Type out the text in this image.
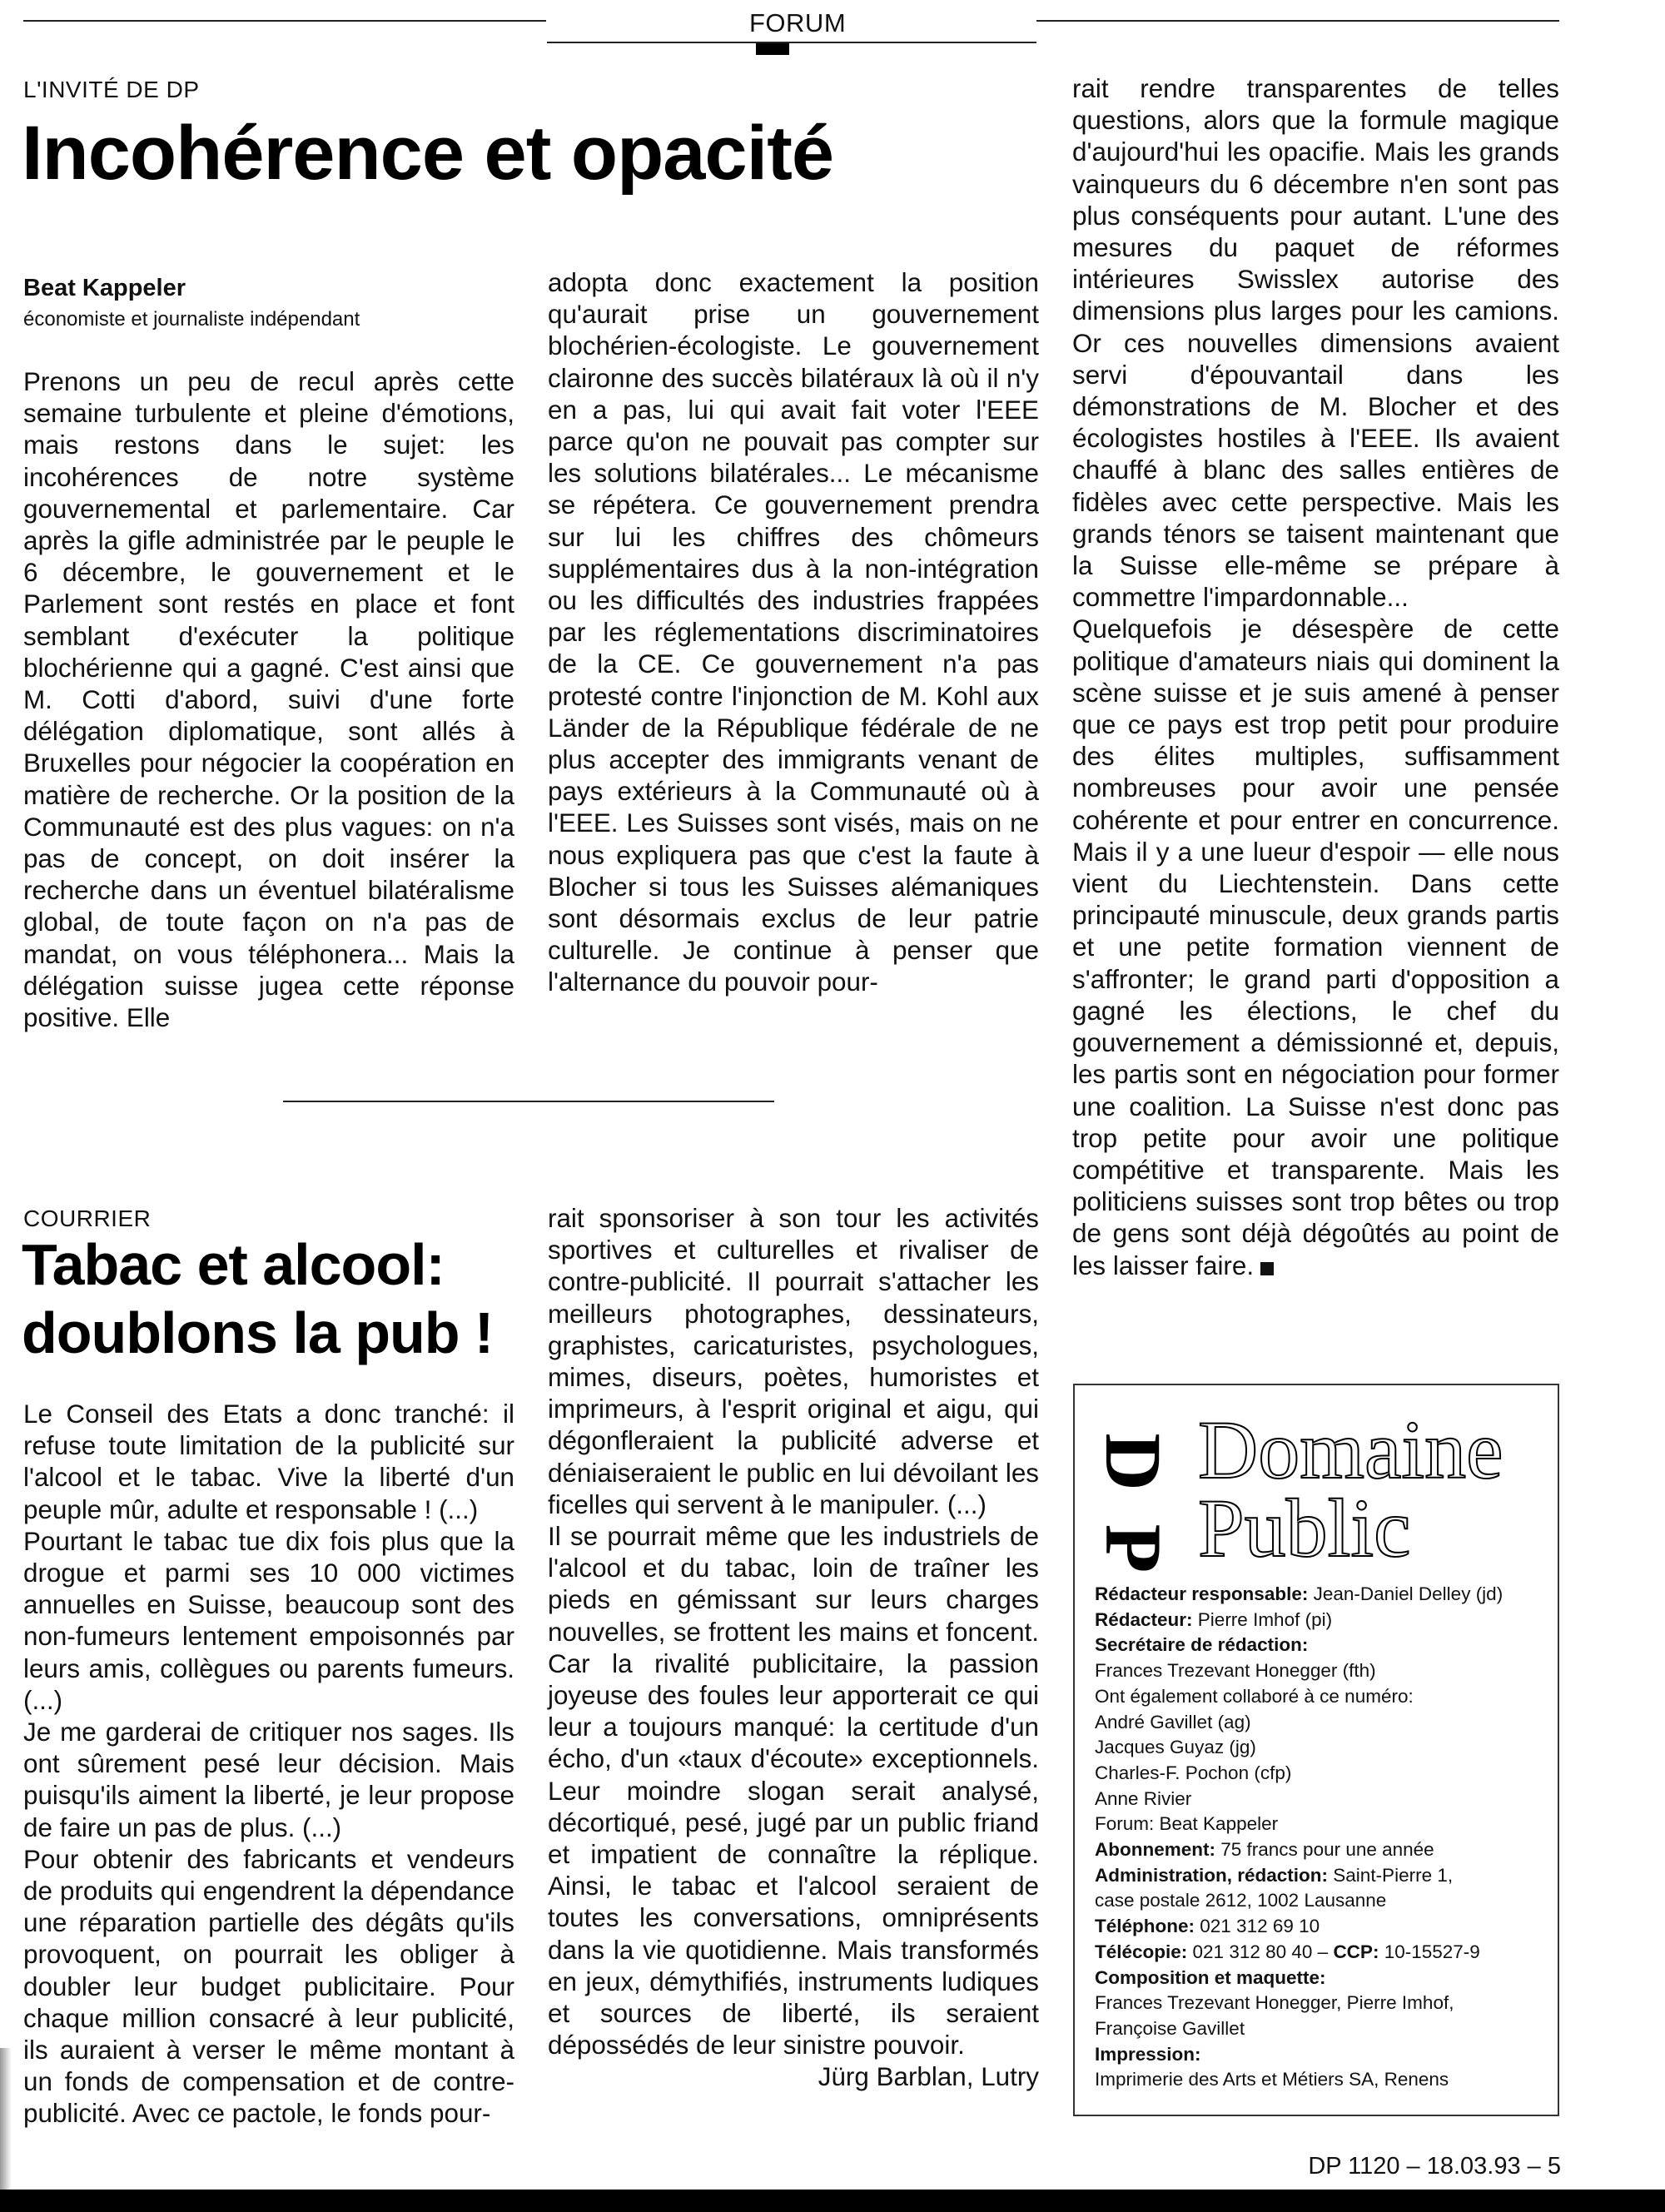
FORUM
L'INVITÉ DE DP
Incohérence et opacité
Beat Kappeler
économiste et journaliste indépendant

Prenons un peu de recul après cette semaine turbulente et pleine d'émotions, mais restons dans le sujet: les incohérences de notre système gouvernemental et parlementaire. Car après la gifle administrée par le peuple le 6 décembre, le gouvernement et le Parlement sont restés en place et font semblant d'exécuter la politique blochérienne qui a gagné. C'est ainsi que M. Cotti d'abord, suivi d'une forte délégation diplomatique, sont allés à Bruxelles pour négocier la coopération en matière de recherche. Or la position de la Communauté est des plus vagues: on n'a pas de concept, on doit insérer la recherche dans un éventuel bilatéralisme global, de toute façon on n'a pas de mandat, on vous téléphonera... Mais la délégation suisse jugea cette réponse positive. Elle

adopta donc exactement la position qu'aurait prise un gouvernement blochérien-écologiste. Le gouvernement claironne des succès bilatéraux là où il n'y en a pas, lui qui avait fait voter l'EEE parce qu'on ne pouvait pas compter sur les solutions bilatérales... Le mécanisme se répétera. Ce gouvernement prendra sur lui les chiffres des chômeurs supplémentaires dus à la non-intégration ou les difficultés des industries frappées par les réglementations discriminatoires de la CE. Ce gouvernement n'a pas protesté contre l'injonction de M. Kohl aux Länder de la République fédérale de ne plus accepter des immigrants venant de pays extérieurs à la Communauté où à l'EEE. Les Suisses sont visés, mais on ne nous expliquera pas que c'est la faute à Blocher si tous les Suisses alémaniques sont désormais exclus de leur patrie culturelle. Je continue à penser que l'alternance du pouvoir pour-

rait rendre transparentes de telles questions, alors que la formule magique d'aujourd'hui les opacifie. Mais les grands vainqueurs du 6 décembre n'en sont pas plus conséquents pour autant. L'une des mesures du paquet de réformes intérieures Swisslex autorise des dimensions plus larges pour les camions. Or ces nouvelles dimensions avaient servi d'épouvantail dans les démonstrations de M. Blocher et des écologistes hostiles à l'EEE. Ils avaient chauffé à blanc des salles entières de fidèles avec cette perspective. Mais les grands ténors se taisent maintenant que la Suisse elle-même se prépare à commettre l'impardonnable...

Quelquefois je désespère de cette politique d'amateurs niais qui dominent la scène suisse et je suis amené à penser que ce pays est trop petit pour produire des élites multiples, suffisamment nombreuses pour avoir une pensée cohérente et pour entrer en concurrence. Mais il y a une lueur d'espoir — elle nous vient du Liechtenstein. Dans cette principauté minuscule, deux grands partis et une petite formation viennent de s'affronter; le grand parti d'opposition a gagné les élections, le chef du gouvernement a démissionné et, depuis, les partis sont en négociation pour former une coalition. La Suisse n'est donc pas trop petite pour avoir une politique compétitive et transparente. Mais les politiciens suisses sont trop bêtes ou trop de gens sont déjà dégoûtés au point de les laisser faire.

COURRIER
Tabac et alcool:
doublons la pub !

Le Conseil des Etats a donc tranché: il refuse toute limitation de la publicité sur l'alcool et le tabac. Vive la liberté d'un peuple mûr, adulte et responsable ! (...)

Pourtant le tabac tue dix fois plus que la drogue et parmi ses 10 000 victimes annuelles en Suisse, beaucoup sont des non-fumeurs lentement empoisonnés par leurs amis, collègues ou parents fumeurs. (...)

Je me garderai de critiquer nos sages. Ils ont sûrement pesé leur décision. Mais puisqu'ils aiment la liberté, je leur propose de faire un pas de plus. (...)

Pour obtenir des fabricants et vendeurs de produits qui engendrent la dépendance une réparation partielle des dégâts qu'ils provoquent, on pourrait les obliger à doubler leur budget publicitaire. Pour chaque million consacré à leur publicité, ils auraient à verser le même montant à un fonds de compensation et de contre-publicité. Avec ce pactole, le fonds pour-

rait sponsoriser à son tour les activités sportives et culturelles et rivaliser de contre-publicité. Il pourrait s'attacher les meilleurs photographes, dessinateurs, graphistes, caricaturistes, psychologues, mimes, diseurs, poètes, humoristes et imprimeurs, à l'esprit original et aigu, qui dégonfleraient la publicité adverse et déniaiseraient le public en lui dévoilant les ficelles qui servent à le manipuler. (...)

Il se pourrait même que les industriels de l'alcool et du tabac, loin de traîner les pieds en gémissant sur leurs charges nouvelles, se frottent les mains et foncent. Car la rivalité publicitaire, la passion joyeuse des foules leur apporterait ce qui leur a toujours manqué: la certitude d'un écho, d'un «taux d'écoute» exceptionnels. Leur moindre slogan serait analysé, décortiqué, pesé, jugé par un public friand et impatient de connaître la réplique. Ainsi, le tabac et l'alcool seraient de toutes les conversations, omniprésents dans la vie quotidienne. Mais transformés en jeux, démythifiés, instruments ludiques et sources de liberté, ils seraient dépossédés de leur sinistre pouvoir.

Jürg Barblan, Lutry

D
P
Domaine
Public
Rédacteur responsable: Jean-Daniel Delley (jd)
Rédacteur: Pierre Imhof (pi)
Secrétaire de rédaction:
Frances Trezevant Honegger (fth)
Ont également collaboré à ce numéro:
André Gavillet (ag)
Jacques Guyaz (jg)
Charles-F. Pochon (cfp)
Anne Rivier
Forum: Beat Kappeler
Abonnement: 75 francs pour une année
Administration, rédaction: Saint-Pierre 1,
case postale 2612, 1002 Lausanne
Téléphone: 021 312 69 10
Télécopie: 021 312 80 40 – CCP: 10-15527-9
Composition et maquette:
Frances Trezevant Honegger, Pierre Imhof,
Françoise Gavillet
Impression:
Imprimerie des Arts et Métiers SA, Renens
DP 1120 – 18.03.93 – 5
